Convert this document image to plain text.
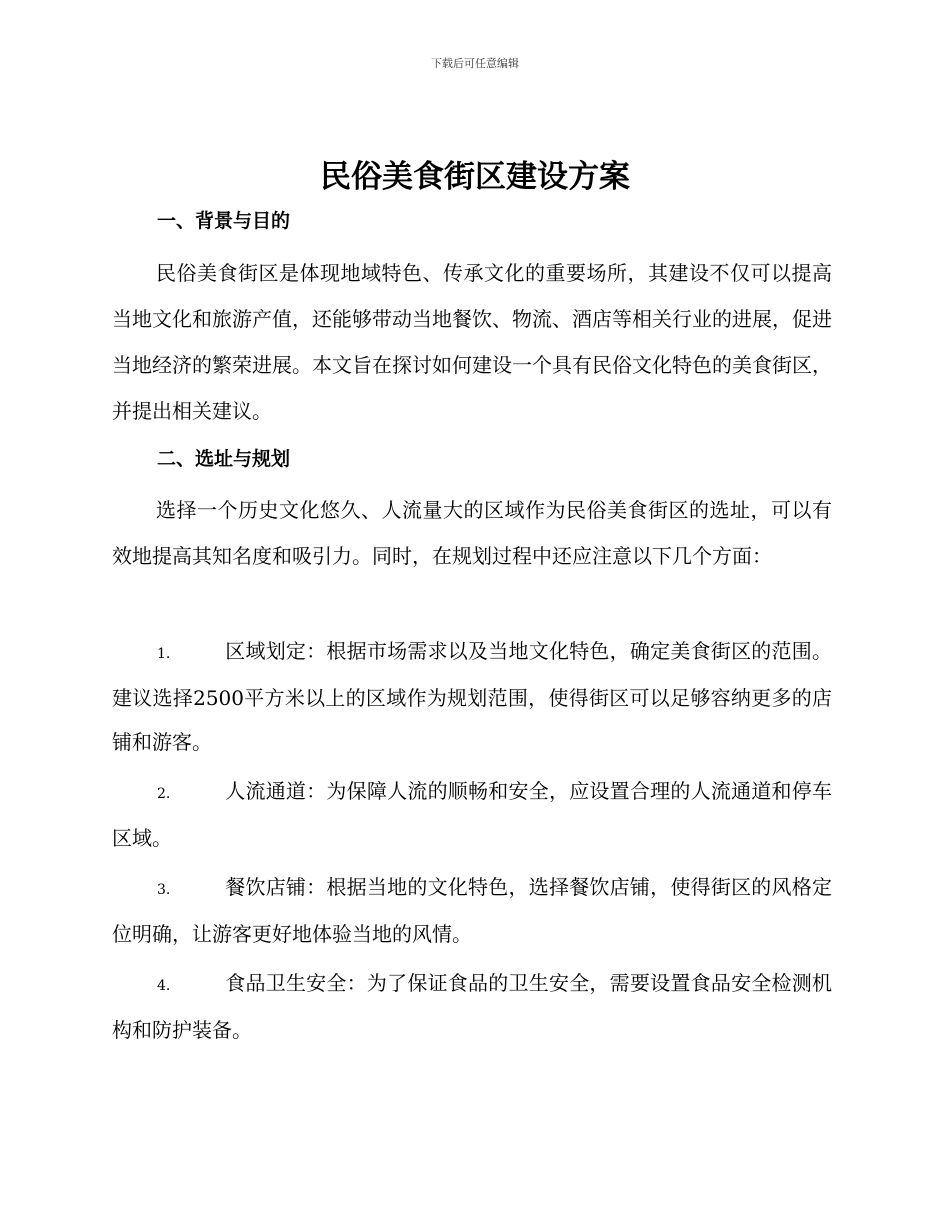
下载后可任意编辑
民俗美食街区建设方案
一、背景与目的
民俗美食街区是体现地域特色、传承文化的重要场所，其建设不仅可以提高当地文化和旅游产值，还能够带动当地餐饮、物流、酒店等相关行业的进展，促进当地经济的繁荣进展。本文旨在探讨如何建设一个具有民俗文化特色的美食街区，并提出相关建议。
二、选址与规划
选择一个历史文化悠久、人流量大的区域作为民俗美食街区的选址，可以有效地提高其知名度和吸引力。同时，在规划过程中还应注意以下几个方面：
1.	区域划定：根据市场需求以及当地文化特色，确定美食街区的范围。建议选择2500平方米以上的区域作为规划范围，使得街区可以足够容纳更多的店铺和游客。
2.	人流通道：为保障人流的顺畅和安全，应设置合理的人流通道和停车区域。
3.	餐饮店铺：根据当地的文化特色，选择餐饮店铺，使得街区的风格定位明确，让游客更好地体验当地的风情。
4.	食品卫生安全：为了保证食品的卫生安全，需要设置食品安全检测机构和防护装备。
